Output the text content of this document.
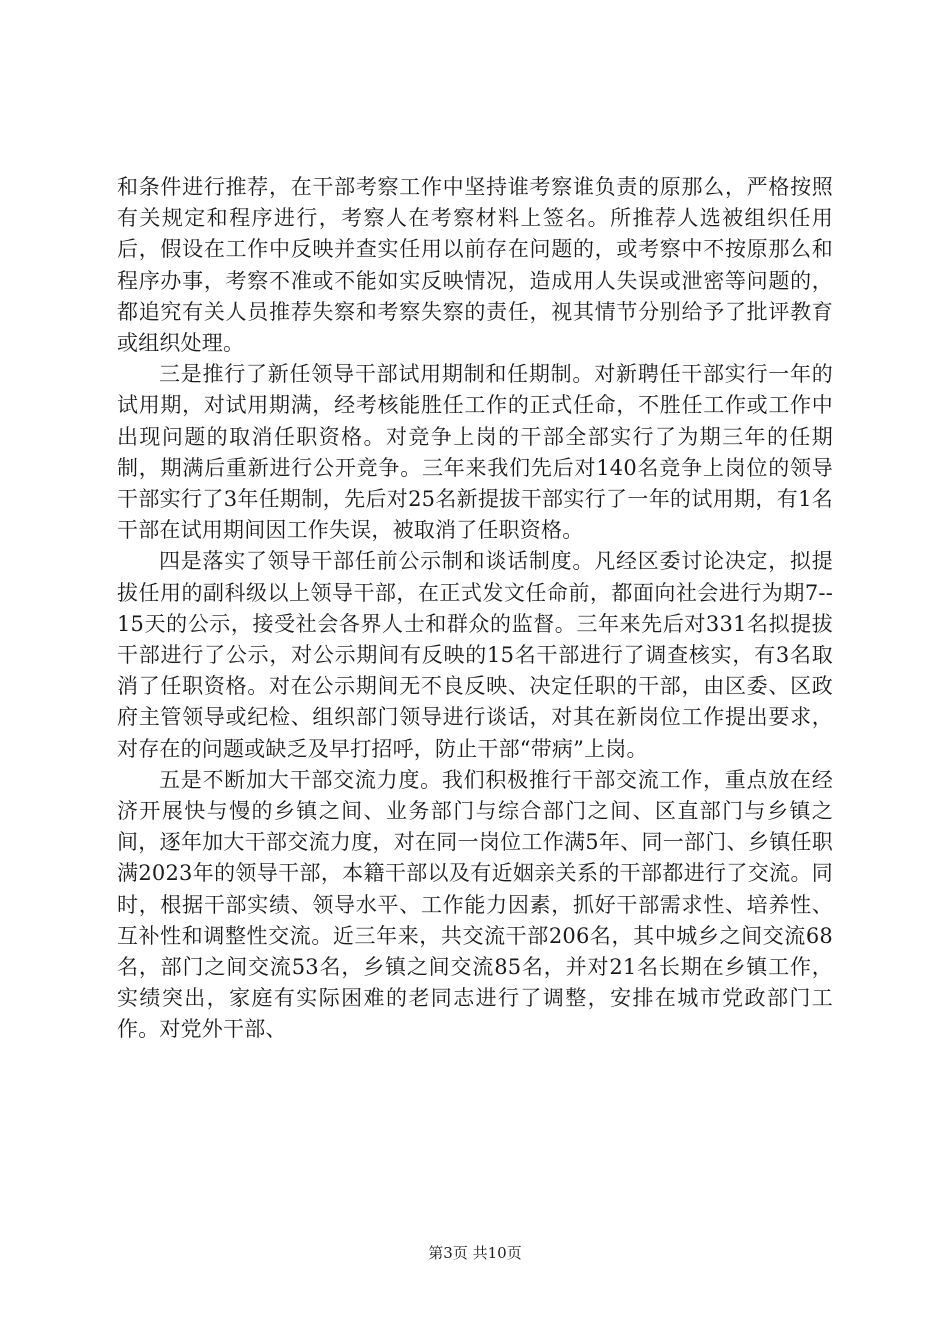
和条件进行推荐，在干部考察工作中坚持谁考察谁负责的原那么，严格按照有关规定和程序进行，考察人在考察材料上签名。所推荐人选被组织任用后，假设在工作中反映并查实任用以前存在问题的，或考察中不按原那么和程序办事，考察不准或不能如实反映情况，造成用人失误或泄密等问题的，都追究有关人员推荐失察和考察失察的责任，视其情节分别给予了批评教育或组织处理。

三是推行了新任领导干部试用期制和任期制。对新聘任干部实行一年的试用期，对试用期满，经考核能胜任工作的正式任命，不胜任工作或工作中出现问题的取消任职资格。对竞争上岗的干部全部实行了为期三年的任期制，期满后重新进行公开竞争。三年来我们先后对140名竞争上岗位的领导干部实行了3年任期制，先后对25名新提拔干部实行了一年的试用期，有1名干部在试用期间因工作失误，被取消了任职资格。

四是落实了领导干部任前公示制和谈话制度。凡经区委讨论决定，拟提拔任用的副科级以上领导干部，在正式发文任命前，都面向社会进行为期7--15天的公示，接受社会各界人士和群众的监督。三年来先后对331名拟提拔干部进行了公示，对公示期间有反映的15名干部进行了调查核实，有3名取消了任职资格。对在公示期间无不良反映、决定任职的干部，由区委、区政府主管领导或纪检、组织部门领导进行谈话，对其在新岗位工作提出要求，对存在的问题或缺乏及早打招呼，防止干部“带病”上岗。

五是不断加大干部交流力度。我们积极推行干部交流工作，重点放在经济开展快与慢的乡镇之间、业务部门与综合部门之间、区直部门与乡镇之间，逐年加大干部交流力度，对在同一岗位工作满5年、同一部门、乡镇任职满2023年的领导干部，本籍干部以及有近姻亲关系的干部都进行了交流。同时，根据干部实绩、领导水平、工作能力因素，抓好干部需求性、培养性、互补性和调整性交流。近三年来，共交流干部206名，其中城乡之间交流68名，部门之间交流53名，乡镇之间交流85名，并对21名长期在乡镇工作，实绩突出，家庭有实际困难的老同志进行了调整，安排在城市党政部门工作。对党外干部、

第3页 共10页
